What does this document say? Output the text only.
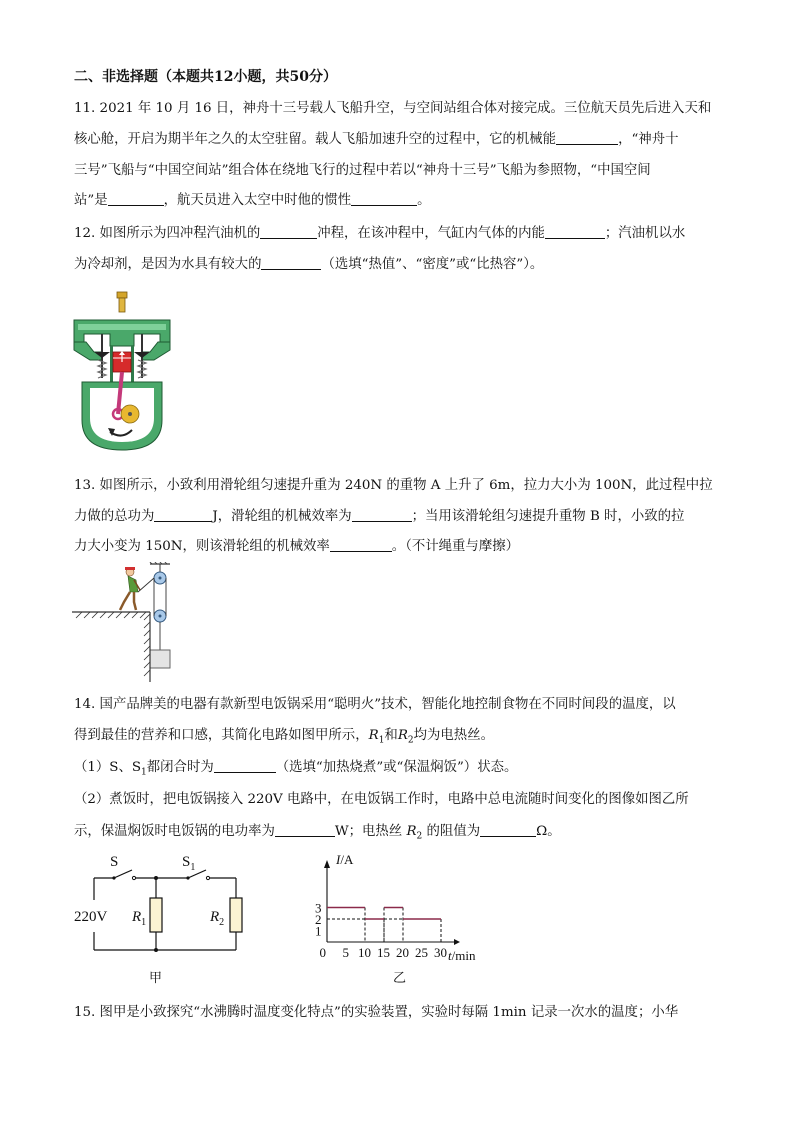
二、非选择题（本题共12小题，共50分）
11. 2021 年 10 月 16 日，神舟十三号载人飞船升空，与空间站组合体对接完成。三位航天员先后进入天和
核心舱，开启为期半年之久的太空驻留。载人飞船加速升空的过程中，它的机械能	，“神舟十
三号”飞船与“中国空间站”组合体在绕地飞行的过程中若以“神舟十三号”飞船为参照物，“中国空间
站”是	，航天员进入太空中时他的惯性	。
12. 如图所示为四冲程汽油机的	冲程，在该冲程中，气缸内气体的内能	；汽油机以水
为冷却剂，是因为水具有较大的	（选填“热值”、“密度”或“比热容”）。
13. 如图所示，小致利用滑轮组匀速提升重为 240N 的重物 A 上升了 6m，拉力大小为 100N，此过程中拉
力做的总功为	J，滑轮组的机械效率为	；当用该滑轮组匀速提升重物 B 时，小致的拉
力大小变为 150N，则该滑轮组的机械效率	。（不计绳重与摩擦）
14. 国产品牌美的电器有款新型电饭锅采用“聪明火”技术，智能化地控制食物在不同时间段的温度，以
得到最佳的营养和口感，其简化电路如图甲所示，$R_1$和$R_2$均为电热丝。
（1）S、$S_1$都闭合时为	（选填“加热烧煮”或“保温焖饭”）状态。
（2）煮饭时，把电饭锅接入 220V 电路中，在电饭锅工作时，电路中总电流随时间变化的图像如图乙所
示，保温焖饭时电饭锅的电功率为	W；电热丝 $R_2$ 的阻值为	Ω。
S	$S_1$
220V $R_1$	$R_2$
甲
3
2
1
0 5 10 15 20 25 30
I/A
t/min
乙
15. 图甲是小致探究“水沸腾时温度变化特点”的实验装置，实验时每隔 1min 记录一次水的温度；小华
